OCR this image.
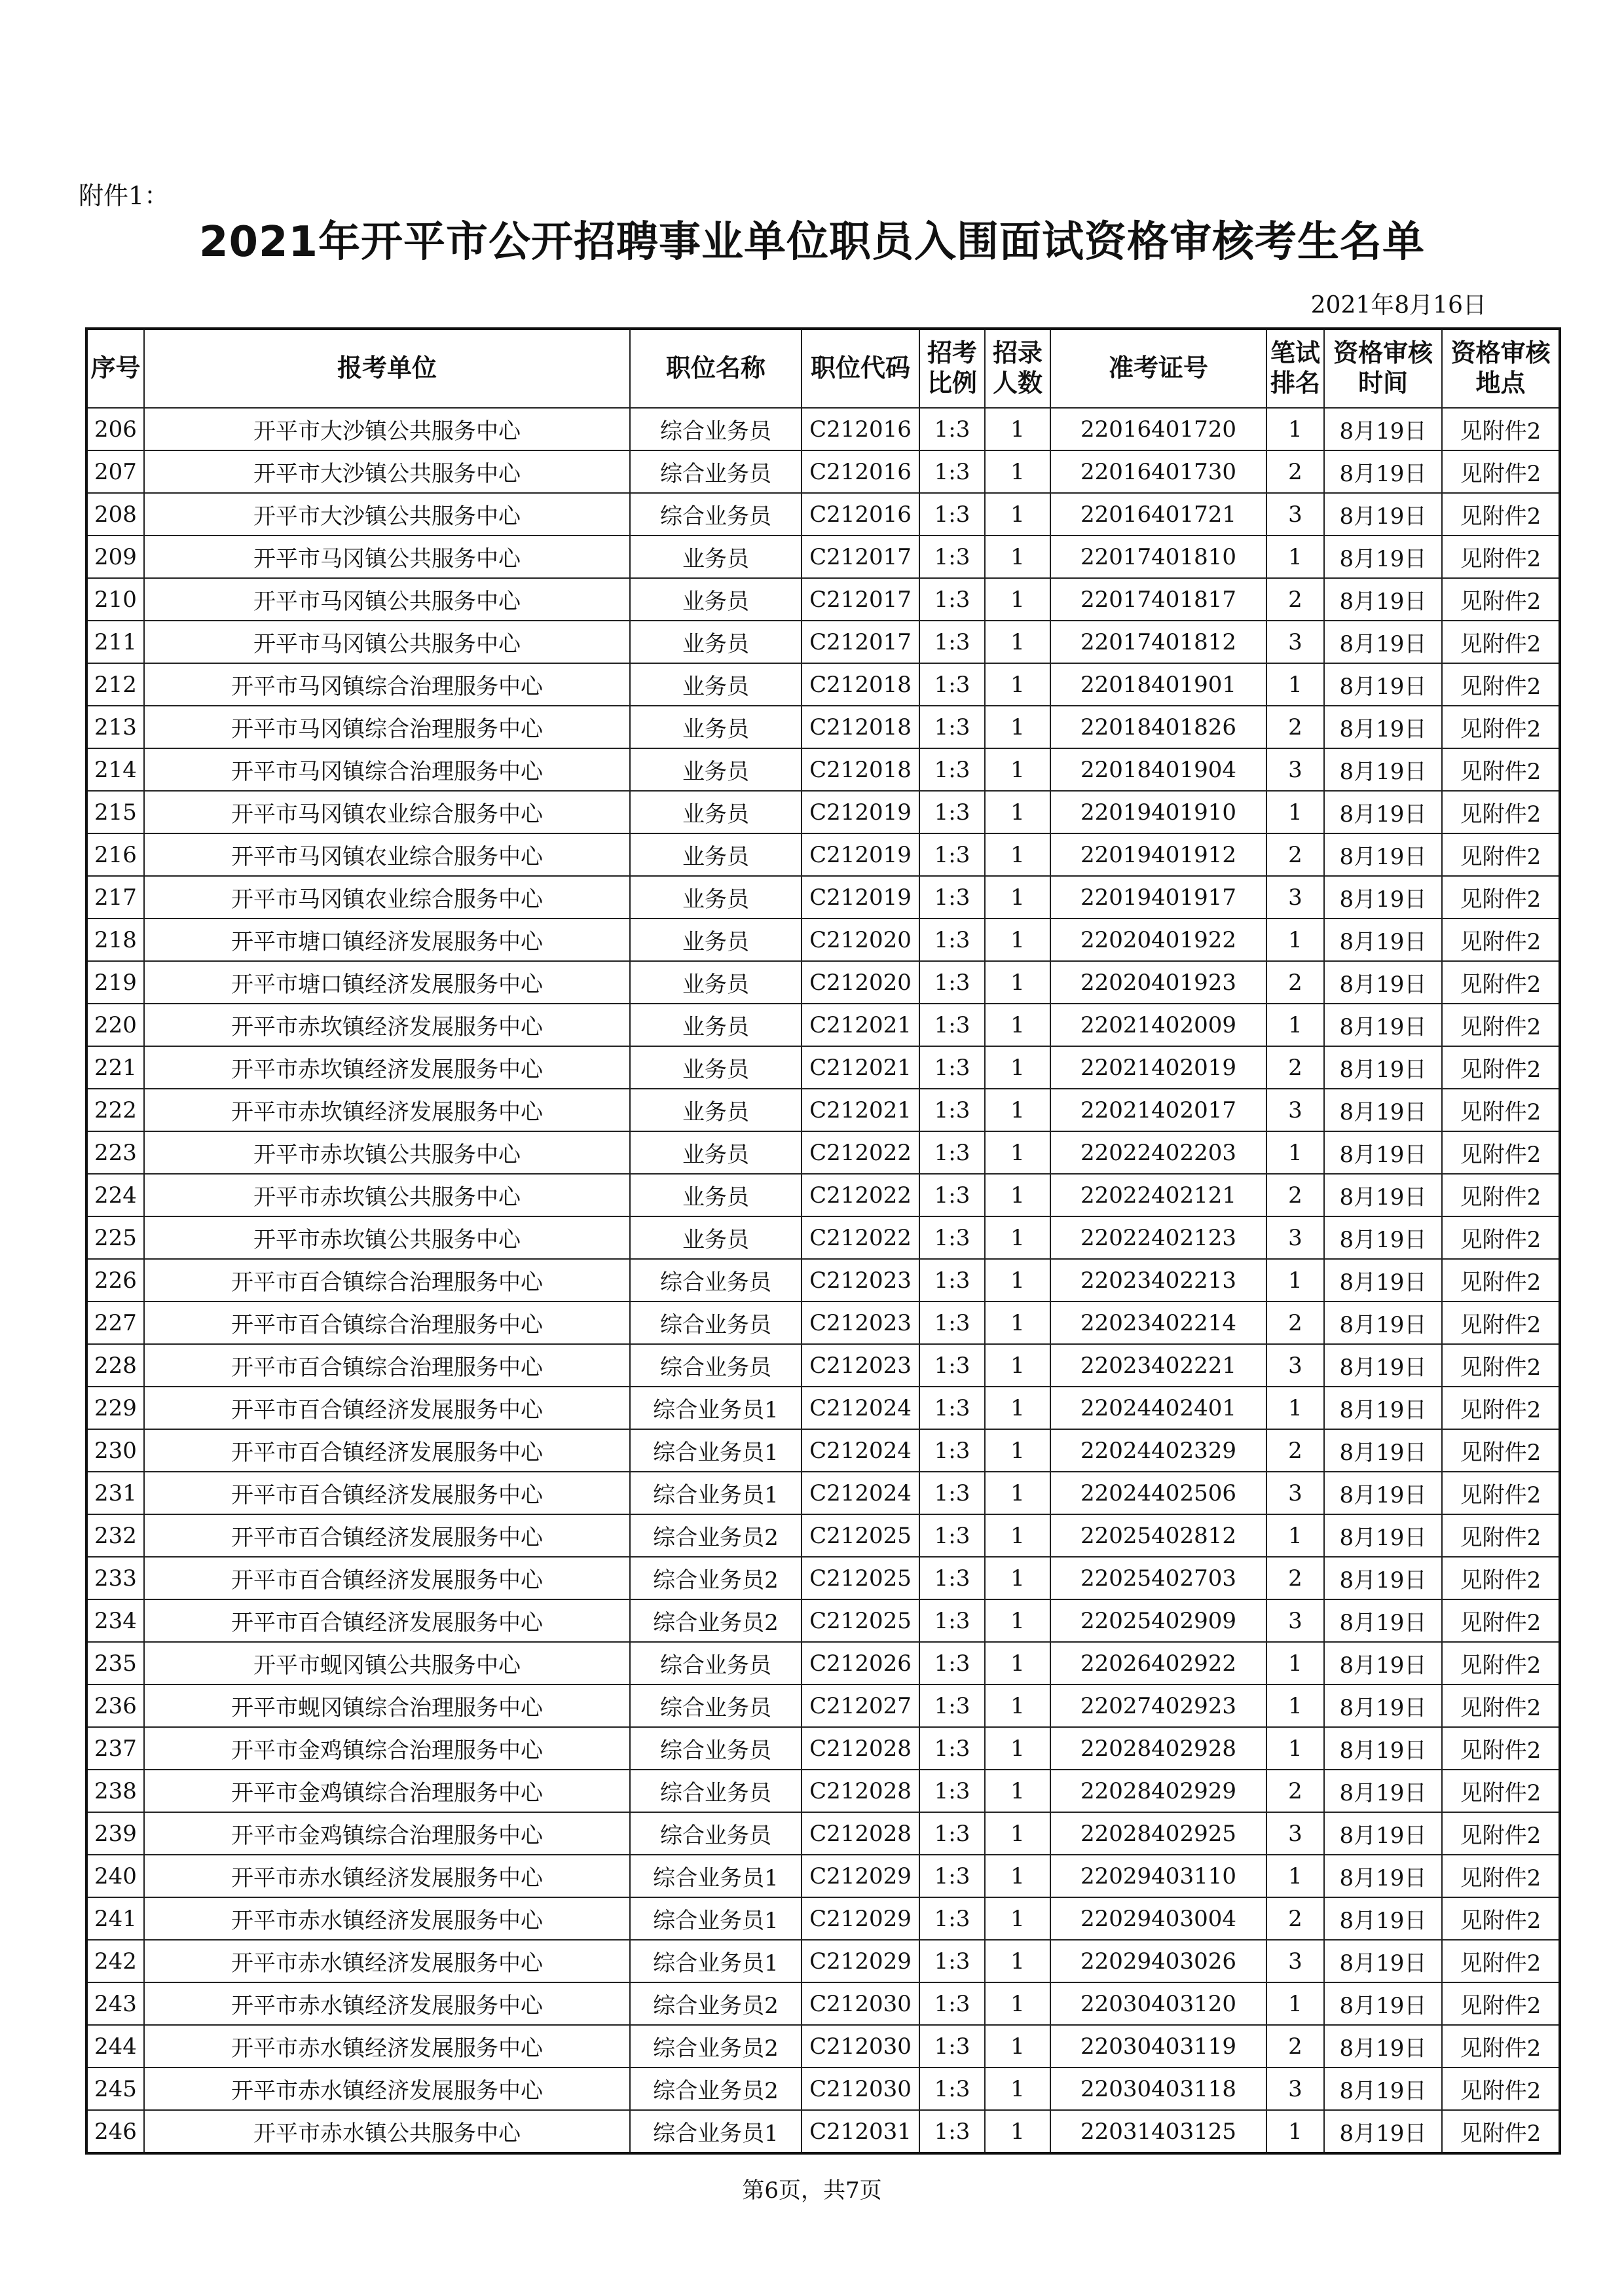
附件1：
2021年开平市公开招聘事业单位职员入围面试资格审核考生名单
2021年8月16日
序号	报考单位	职位名称	职位代码	招考比例	招录人数	准考证号	笔试排名	资格审核时间	资格审核地点
206	开平市大沙镇公共服务中心	综合业务员	C212016	1:3	1	22016401720	1	8月19日	见附件2
207	开平市大沙镇公共服务中心	综合业务员	C212016	1:3	1	22016401730	2	8月19日	见附件2
208	开平市大沙镇公共服务中心	综合业务员	C212016	1:3	1	22016401721	3	8月19日	见附件2
209	开平市马冈镇公共服务中心	业务员	C212017	1:3	1	22017401810	1	8月19日	见附件2
210	开平市马冈镇公共服务中心	业务员	C212017	1:3	1	22017401817	2	8月19日	见附件2
211	开平市马冈镇公共服务中心	业务员	C212017	1:3	1	22017401812	3	8月19日	见附件2
212	开平市马冈镇综合治理服务中心	业务员	C212018	1:3	1	22018401901	1	8月19日	见附件2
213	开平市马冈镇综合治理服务中心	业务员	C212018	1:3	1	22018401826	2	8月19日	见附件2
214	开平市马冈镇综合治理服务中心	业务员	C212018	1:3	1	22018401904	3	8月19日	见附件2
215	开平市马冈镇农业综合服务中心	业务员	C212019	1:3	1	22019401910	1	8月19日	见附件2
216	开平市马冈镇农业综合服务中心	业务员	C212019	1:3	1	22019401912	2	8月19日	见附件2
217	开平市马冈镇农业综合服务中心	业务员	C212019	1:3	1	22019401917	3	8月19日	见附件2
218	开平市塘口镇经济发展服务中心	业务员	C212020	1:3	1	22020401922	1	8月19日	见附件2
219	开平市塘口镇经济发展服务中心	业务员	C212020	1:3	1	22020401923	2	8月19日	见附件2
220	开平市赤坎镇经济发展服务中心	业务员	C212021	1:3	1	22021402009	1	8月19日	见附件2
221	开平市赤坎镇经济发展服务中心	业务员	C212021	1:3	1	22021402019	2	8月19日	见附件2
222	开平市赤坎镇经济发展服务中心	业务员	C212021	1:3	1	22021402017	3	8月19日	见附件2
223	开平市赤坎镇公共服务中心	业务员	C212022	1:3	1	22022402203	1	8月19日	见附件2
224	开平市赤坎镇公共服务中心	业务员	C212022	1:3	1	22022402121	2	8月19日	见附件2
225	开平市赤坎镇公共服务中心	业务员	C212022	1:3	1	22022402123	3	8月19日	见附件2
226	开平市百合镇综合治理服务中心	综合业务员	C212023	1:3	1	22023402213	1	8月19日	见附件2
227	开平市百合镇综合治理服务中心	综合业务员	C212023	1:3	1	22023402214	2	8月19日	见附件2
228	开平市百合镇综合治理服务中心	综合业务员	C212023	1:3	1	22023402221	3	8月19日	见附件2
229	开平市百合镇经济发展服务中心	综合业务员1	C212024	1:3	1	22024402401	1	8月19日	见附件2
230	开平市百合镇经济发展服务中心	综合业务员1	C212024	1:3	1	22024402329	2	8月19日	见附件2
231	开平市百合镇经济发展服务中心	综合业务员1	C212024	1:3	1	22024402506	3	8月19日	见附件2
232	开平市百合镇经济发展服务中心	综合业务员2	C212025	1:3	1	22025402812	1	8月19日	见附件2
233	开平市百合镇经济发展服务中心	综合业务员2	C212025	1:3	1	22025402703	2	8月19日	见附件2
234	开平市百合镇经济发展服务中心	综合业务员2	C212025	1:3	1	22025402909	3	8月19日	见附件2
235	开平市蚬冈镇公共服务中心	综合业务员	C212026	1:3	1	22026402922	1	8月19日	见附件2
236	开平市蚬冈镇综合治理服务中心	综合业务员	C212027	1:3	1	22027402923	1	8月19日	见附件2
237	开平市金鸡镇综合治理服务中心	综合业务员	C212028	1:3	1	22028402928	1	8月19日	见附件2
238	开平市金鸡镇综合治理服务中心	综合业务员	C212028	1:3	1	22028402929	2	8月19日	见附件2
239	开平市金鸡镇综合治理服务中心	综合业务员	C212028	1:3	1	22028402925	3	8月19日	见附件2
240	开平市赤水镇经济发展服务中心	综合业务员1	C212029	1:3	1	22029403110	1	8月19日	见附件2
241	开平市赤水镇经济发展服务中心	综合业务员1	C212029	1:3	1	22029403004	2	8月19日	见附件2
242	开平市赤水镇经济发展服务中心	综合业务员1	C212029	1:3	1	22029403026	3	8月19日	见附件2
243	开平市赤水镇经济发展服务中心	综合业务员2	C212030	1:3	1	22030403120	1	8月19日	见附件2
244	开平市赤水镇经济发展服务中心	综合业务员2	C212030	1:3	1	22030403119	2	8月19日	见附件2
245	开平市赤水镇经济发展服务中心	综合业务员2	C212030	1:3	1	22030403118	3	8月19日	见附件2
246	开平市赤水镇公共服务中心	综合业务员1	C212031	1:3	1	22031403125	1	8月19日	见附件2
第6页，共7页
